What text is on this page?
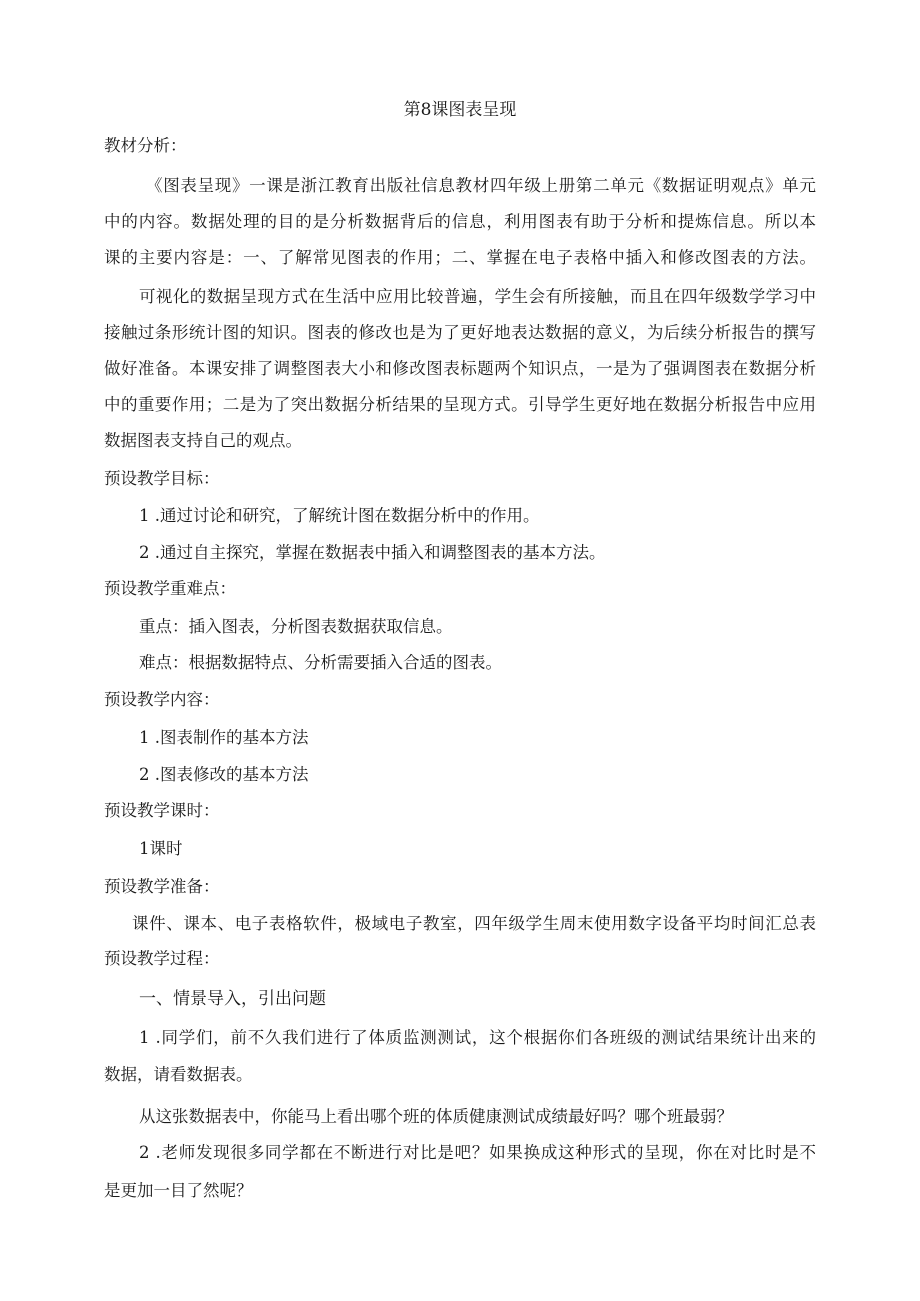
第8课图表呈现
教材分析：
《图表呈现》一课是浙江教育出版社信息教材四年级上册第二单元《数据证明观点》单元
中的内容。数据处理的目的是分析数据背后的信息，利用图表有助于分析和提炼信息。所以本
课的主要内容是：一、了解常见图表的作用；二、掌握在电子表格中插入和修改图表的方法。
可视化的数据呈现方式在生活中应用比较普遍，学生会有所接触，而且在四年级数学学习中
接触过条形统计图的知识。图表的修改也是为了更好地表达数据的意义，为后续分析报告的撰写
做好准备。本课安排了调整图表大小和修改图表标题两个知识点，一是为了强调图表在数据分析
中的重要作用；二是为了突出数据分析结果的呈现方式。引导学生更好地在数据分析报告中应用
数据图表支持自己的观点。
预设教学目标：
1 .通过讨论和研究，了解统计图在数据分析中的作用。
2 .通过自主探究，掌握在数据表中插入和调整图表的基本方法。
预设教学重难点：
重点：插入图表，分析图表数据获取信息。
难点：根据数据特点、分析需要插入合适的图表。
预设教学内容：
1 .图表制作的基本方法
2 .图表修改的基本方法
预设教学课时：
1课时
预设教学准备：
课件、课本、电子表格软件，极域电子教室，四年级学生周末使用数字设备平均时间汇总表
预设教学过程：
一、情景导入，引出问题
1 .同学们，前不久我们进行了体质监测测试，这个根据你们各班级的测试结果统计出来的
数据，请看数据表。
从这张数据表中，你能马上看出哪个班的体质健康测试成绩最好吗？哪个班最弱？
2 .老师发现很多同学都在不断进行对比是吧？如果换成这种形式的呈现，你在对比时是不
是更加一目了然呢？
